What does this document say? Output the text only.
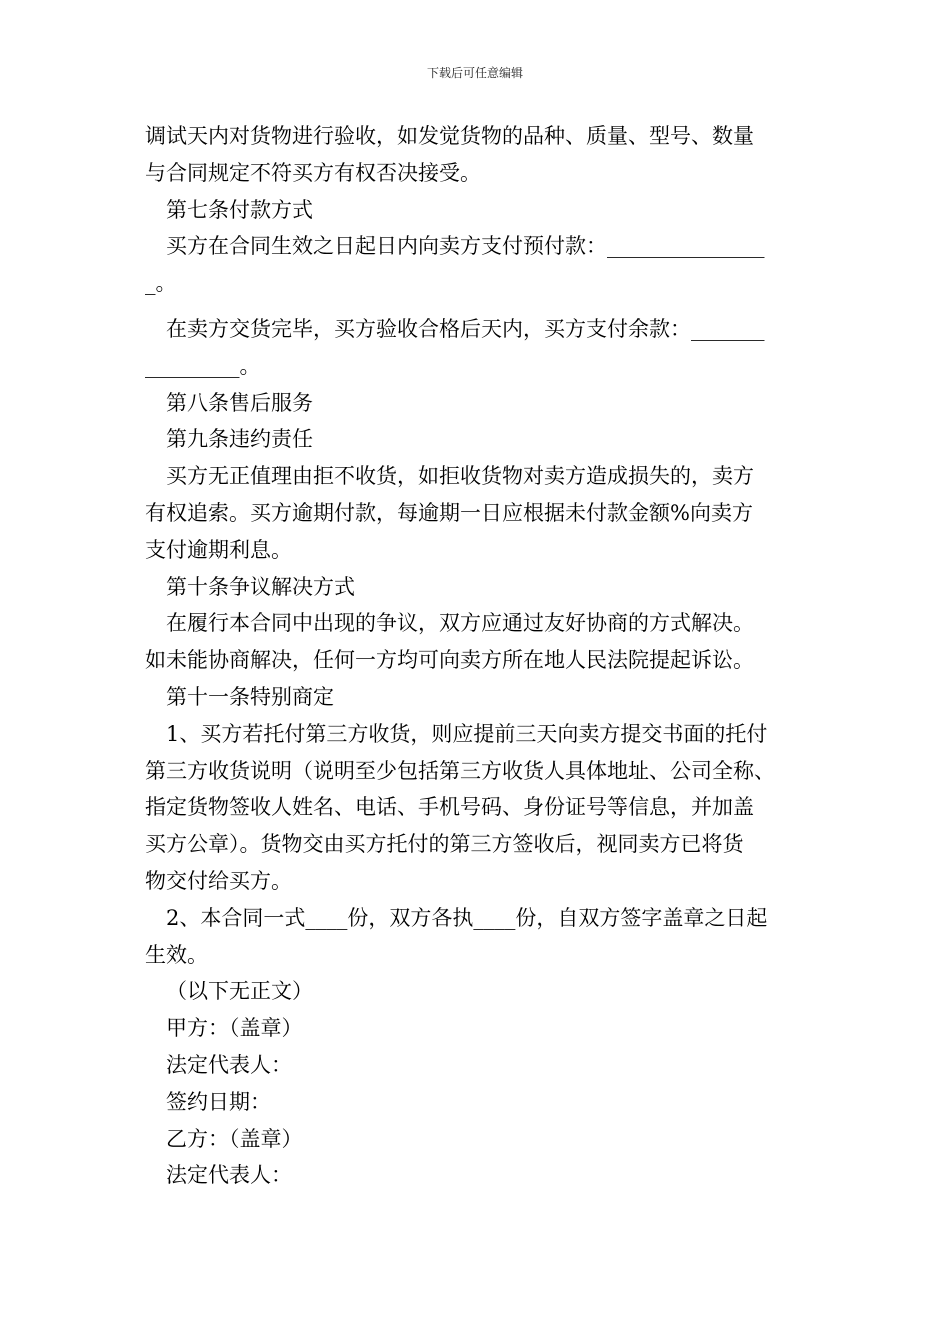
下载后可任意编辑
调试天内对货物进行验收，如发觉货物的品种、质量、型号、数量
与合同规定不符买方有权否决接受。
第七条付款方式
买方在合同生效之日起日内向卖方支付预付款：_______________
_。
在卖方交货完毕，买方验收合格后天内，买方支付余款：_______
_________。
第八条售后服务
第九条违约责任
买方无正值理由拒不收货，如拒收货物对卖方造成损失的，卖方
有权追索。买方逾期付款，每逾期一日应根据未付款金额%向卖方
支付逾期利息。
第十条争议解决方式
在履行本合同中出现的争议，双方应通过友好协商的方式解决。
如未能协商解决，任何一方均可向卖方所在地人民法院提起诉讼。
第十一条特别商定
1、买方若托付第三方收货，则应提前三天向卖方提交书面的托付
第三方收货说明（说明至少包括第三方收货人具体地址、公司全称、
指定货物签收人姓名、电话、手机号码、身份证号等信息，并加盖
买方公章）。货物交由买方托付的第三方签收后，视同卖方已将货
物交付给买方。
2、本合同一式____份，双方各执____份，自双方签字盖章之日起
生效。
（以下无正文）
甲方：（盖章）
法定代表人：
签约日期：
乙方：（盖章）
法定代表人：
